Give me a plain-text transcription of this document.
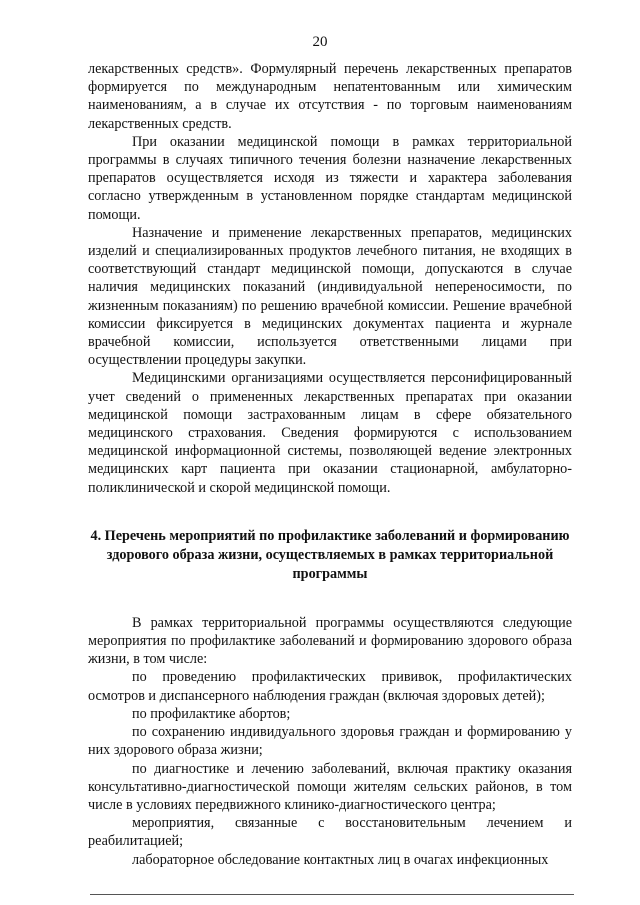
20

лекарственных средств». Формулярный перечень лекарственных препаратов формируется по международным непатентованным или химическим наименованиям, а в случае их отсутствия - по торговым наименованиям лекарственных средств.

При оказании медицинской помощи в рамках территориальной программы в случаях типичного течения болезни назначение лекарственных препаратов осуществляется исходя из тяжести и характера заболевания согласно утвержденным в установленном порядке стандартам медицинской помощи.

Назначение и применение лекарственных препаратов, медицинских изделий и специализированных продуктов лечебного питания, не входящих в соответствующий стандарт медицинской помощи, допускаются в случае наличия медицинских показаний (индивидуальной непереносимости, по жизненным показаниям) по решению врачебной комиссии. Решение врачебной комиссии фиксируется в медицинских документах пациента и журнале врачебной комиссии, используется ответственными лицами при осуществлении процедуры закупки.

Медицинскими организациями осуществляется персонифицированный учет сведений о примененных лекарственных препаратах при оказании медицинской помощи застрахованным лицам в сфере обязательного медицинского страхования. Сведения формируются с использованием медицинской информационной системы, позволяющей ведение электронных медицинских карт пациента при оказании стационарной, амбулаторно-поликлинической и скорой медицинской помощи.

4. Перечень мероприятий по профилактике заболеваний и формированию здорового образа жизни, осуществляемых в рамках территориальной программы

В рамках территориальной программы осуществляются следующие мероприятия по профилактике заболеваний и формированию здорового образа жизни, в том числе:

по проведению профилактических прививок, профилактических осмотров и диспансерного наблюдения граждан (включая здоровых детей);

по профилактике абортов;

по сохранению индивидуального здоровья граждан и формированию у них здорового образа жизни;

по диагностике и лечению заболеваний, включая практику оказания консультативно-диагностической помощи жителям сельских районов, в том числе в условиях передвижного клинико-диагностического центра;

мероприятия, связанные с восстановительным лечением и реабилитацией;

лабораторное обследование контактных лиц в очагах инфекционных
